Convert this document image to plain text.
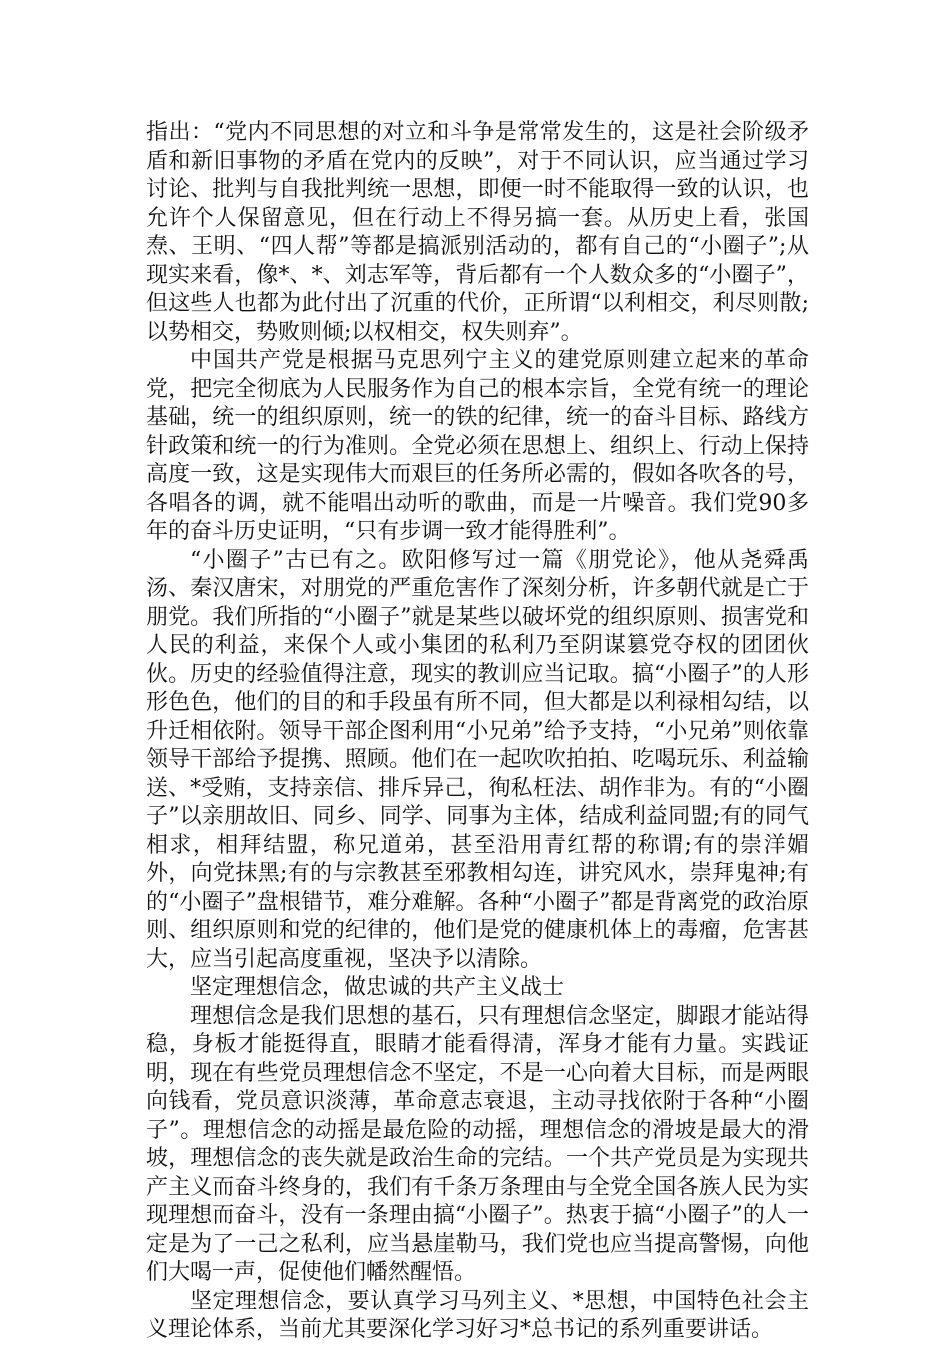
指出：“党内不同思想的对立和斗争是常常发生的，这是社会阶级矛盾和新旧事物的矛盾在党内的反映”，对于不同认识，应当通过学习讨论、批判与自我批判统一思想，即便一时不能取得一致的认识，也允许个人保留意见，但在行动上不得另搞一套。从历史上看，张国焘、王明、“四人帮”等都是搞派别活动的，都有自己的“小圈子”;从现实来看，像*、*、刘志军等，背后都有一个人数众多的“小圈子”，但这些人也都为此付出了沉重的代价，正所谓“以利相交，利尽则散;以势相交，势败则倾;以权相交，权失则弃”。

中国共产党是根据马克思列宁主义的建党原则建立起来的革命党，把完全彻底为人民服务作为自己的根本宗旨，全党有统一的理论基础，统一的组织原则，统一的铁的纪律，统一的奋斗目标、路线方针政策和统一的行为准则。全党必须在思想上、组织上、行动上保持高度一致，这是实现伟大而艰巨的任务所必需的，假如各吹各的号，各唱各的调，就不能唱出动听的歌曲，而是一片噪音。我们党90多年的奋斗历史证明，“只有步调一致才能得胜利”。

“小圈子”古已有之。欧阳修写过一篇《朋党论》，他从尧舜禹汤、秦汉唐宋，对朋党的严重危害作了深刻分析，许多朝代就是亡于朋党。我们所指的“小圈子”就是某些以破坏党的组织原则、损害党和人民的利益，来保个人或小集团的私利乃至阴谋篡党夺权的团团伙伙。历史的经验值得注意，现实的教训应当记取。搞“小圈子”的人形形色色，他们的目的和手段虽有所不同，但大都是以利禄相勾结，以升迁相依附。领导干部企图利用“小兄弟”给予支持，“小兄弟”则依靠领导干部给予提携、照顾。他们在一起吹吹拍拍、吃喝玩乐、利益输送、*受贿，支持亲信、排斥异己，徇私枉法、胡作非为。有的“小圈子”以亲朋故旧、同乡、同学、同事为主体，结成利益同盟;有的同气相求，相拜结盟，称兄道弟，甚至沿用青红帮的称谓;有的崇洋媚外，向党抹黑;有的与宗教甚至邪教相勾连，讲究风水，崇拜鬼神;有的“小圈子”盘根错节，难分难解。各种“小圈子”都是背离党的政治原则、组织原则和党的纪律的，他们是党的健康机体上的毒瘤，危害甚大，应当引起高度重视，坚决予以清除。

坚定理想信念，做忠诚的共产主义战士

理想信念是我们思想的基石，只有理想信念坚定，脚跟才能站得稳，身板才能挺得直，眼睛才能看得清，浑身才能有力量。实践证明，现在有些党员理想信念不坚定，不是一心向着大目标，而是两眼向钱看，党员意识淡薄，革命意志衰退，主动寻找依附于各种“小圈子”。理想信念的动摇是最危险的动摇，理想信念的滑坡是最大的滑坡，理想信念的丧失就是政治生命的完结。一个共产党员是为实现共产主义而奋斗终身的，我们有千条万条理由与全党全国各族人民为实现理想而奋斗，没有一条理由搞“小圈子”。热衷于搞“小圈子”的人一定是为了一己之私利，应当悬崖勒马，我们党也应当提高警惕，向他们大喝一声，促使他们幡然醒悟。

坚定理想信念，要认真学习马列主义、*思想，中国特色社会主义理论体系，当前尤其要深化学习好习*总书记的系列重要讲话。
